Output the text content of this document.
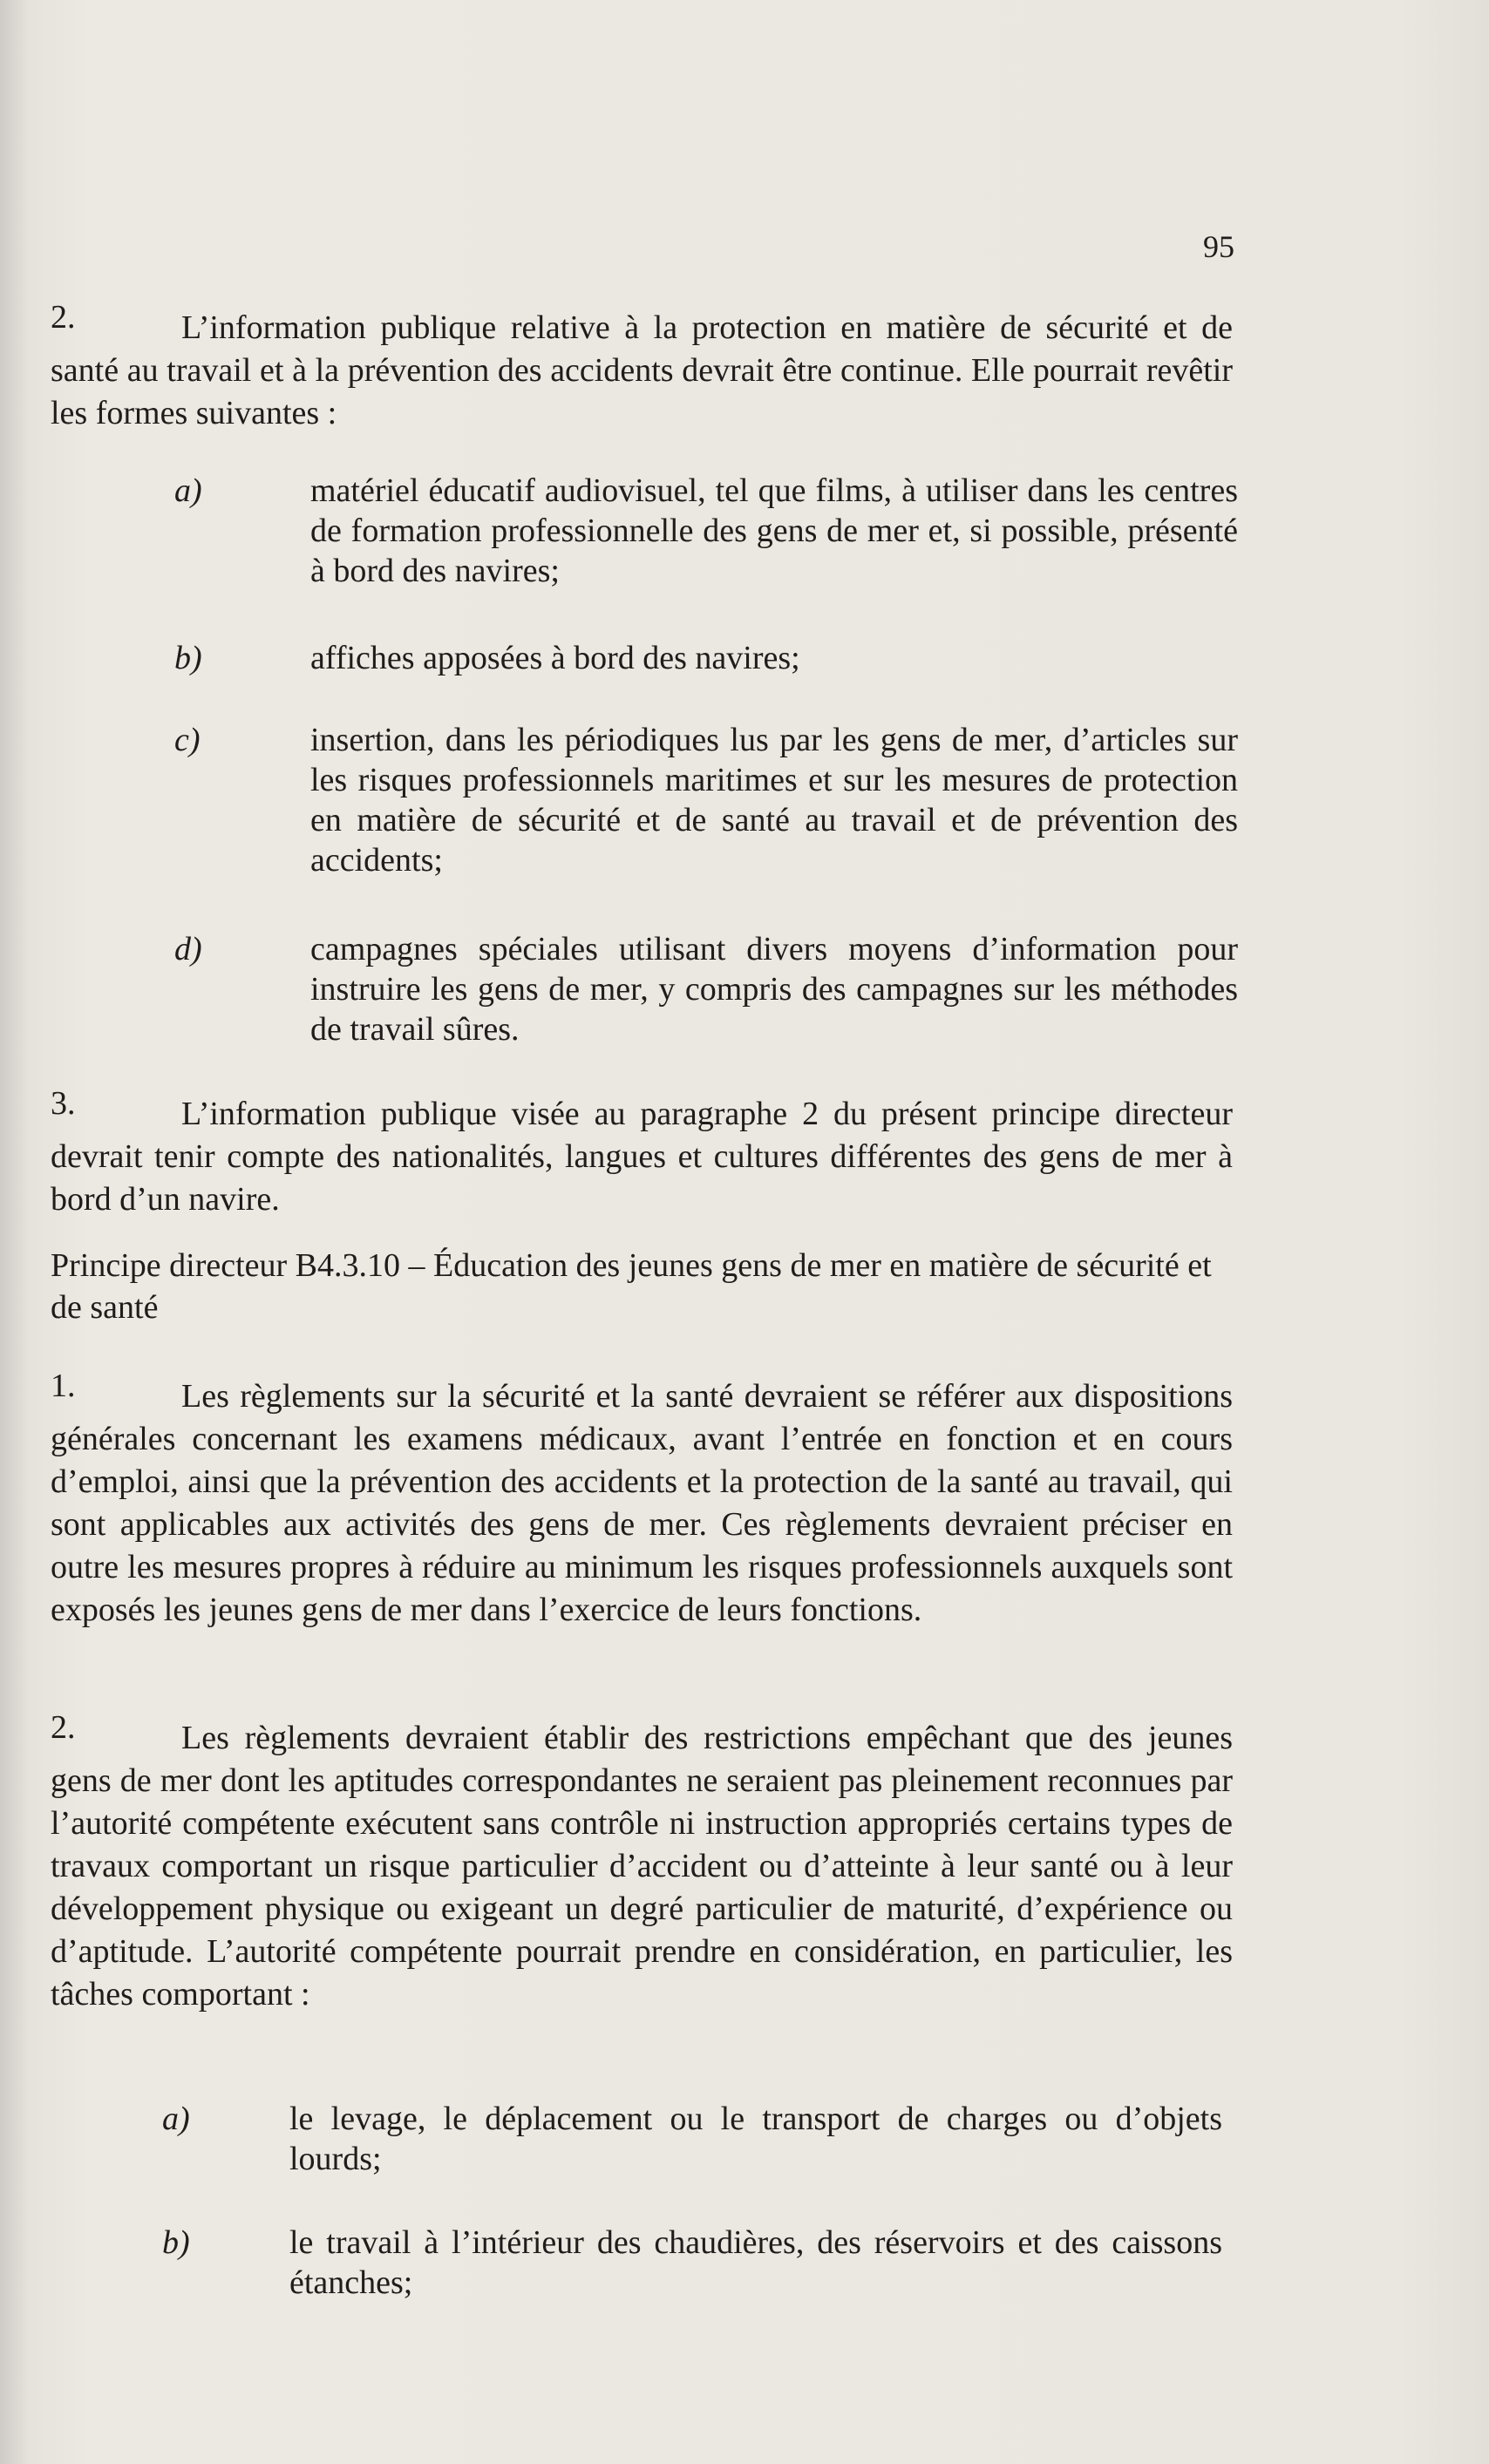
95
2.	L’information publique relative à la protection en matière de sécurité et de santé au travail et à la prévention des accidents devrait être continue. Elle pourrait revêtir les formes suivantes :
a)	matériel éducatif audiovisuel, tel que films, à utiliser dans les centres de formation professionnelle des gens de mer et, si possible, présenté à bord des navires;
b)	affiches apposées à bord des navires;
c)	insertion, dans les périodiques lus par les gens de mer, d’articles sur les risques professionnels maritimes et sur les mesures de protection en matière de sécurité et de santé au travail et de prévention des accidents;
d)	campagnes spéciales utilisant divers moyens d’information pour instruire les gens de mer, y compris des campagnes sur les méthodes de travail sûres.
3.	L’information publique visée au paragraphe 2 du présent principe directeur devrait tenir compte des nationalités, langues et cultures différentes des gens de mer à bord d’un navire.
Principe directeur B4.3.10 – Éducation des jeunes gens de mer en matière de sécurité et de santé
1.	Les règlements sur la sécurité et la santé devraient se référer aux dispositions générales concernant les examens médicaux, avant l’entrée en fonction et en cours d’emploi, ainsi que la prévention des accidents et la protection de la santé au travail, qui sont applicables aux activités des gens de mer. Ces règlements devraient préciser en outre les mesures propres à réduire au minimum les risques professionnels auxquels sont exposés les jeunes gens de mer dans l’exercice de leurs fonctions.
2.	Les règlements devraient établir des restrictions empêchant que des jeunes gens de mer dont les aptitudes correspondantes ne seraient pas pleinement reconnues par l’autorité compétente exécutent sans contrôle ni instruction appropriés certains types de travaux comportant un risque particulier d’accident ou d’atteinte à leur santé ou à leur développement physique ou exigeant un degré particulier de maturité, d’expérience ou d’aptitude. L’autorité compétente pourrait prendre en considération, en particulier, les tâches comportant :
a)	le levage, le déplacement ou le transport de charges ou d’objets lourds;
b)	le travail à l’intérieur des chaudières, des réservoirs et des caissons étanches;
